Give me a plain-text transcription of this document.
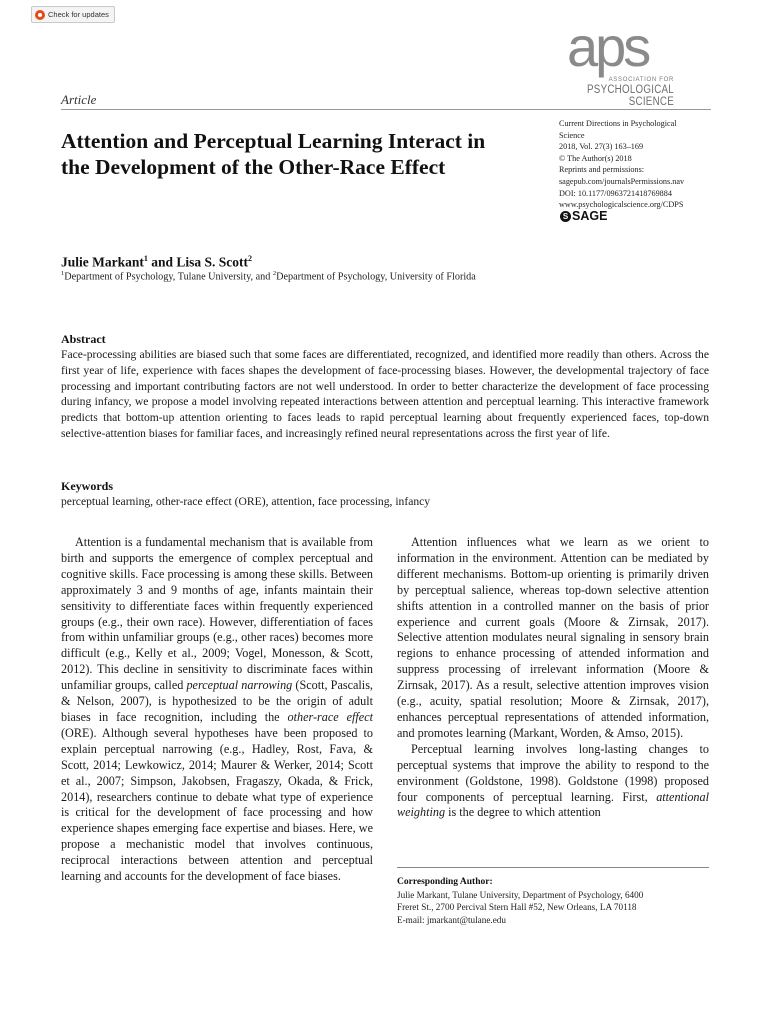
Check for updates
aps
ASSOCIATION FOR
PSYCHOLOGICAL SCIENCE
Article
Attention and Perceptual Learning Interact in the Development of the Other-Race Effect
Current Directions in Psychological
Science
2018, Vol. 27(3) 163–169
© The Author(s) 2018
Reprints and permissions:
sagepub.com/journalsPermissions.nav
DOI: 10.1177/0963721418769884
www.psychologicalscience.org/CDPS
S SAGE
Julie Markant$^1$ and Lisa S. Scott$^2$
$^1$Department of Psychology, Tulane University, and $^2$Department of Psychology, University of Florida
Abstract
Face-processing abilities are biased such that some faces are differentiated, recognized, and identified more readily than others. Across the first year of life, experience with faces shapes the development of face-processing biases. However, the developmental trajectory of face processing and important contributing factors are not well understood. In order to better characterize the development of face processing during infancy, we propose a model involving repeated interactions between attention and perceptual learning. This interactive framework predicts that bottom-up attention orienting to faces leads to rapid perceptual learning about frequently experienced faces, top-down selective-attention biases for familiar faces, and increasingly refined neural representations across the first year of life.
Keywords
perceptual learning, other-race effect (ORE), attention, face processing, infancy

Attention is a fundamental mechanism that is available from birth and supports the emergence of complex perceptual and cognitive skills. Face processing is among these skills. Between approximately 3 and 9 months of age, infants maintain their sensitivity to differentiate faces within frequently experienced groups (e.g., their own race). However, differentiation of faces from within unfamiliar groups (e.g., other races) becomes more difficult (e.g., Kelly et al., 2009; Vogel, Monesson, & Scott, 2012). This decline in sensitivity to discriminate faces within unfamiliar groups, called perceptual narrowing (Scott, Pascalis, & Nelson, 2007), is hypothesized to be the origin of adult biases in face recognition, including the other-race effect (ORE). Although several hypotheses have been proposed to explain perceptual narrowing (e.g., Hadley, Rost, Fava, & Scott, 2014; Lewkowicz, 2014; Maurer & Werker, 2014; Scott et al., 2007; Simpson, Jakobsen, Fragaszy, Okada, & Frick, 2014), researchers continue to debate what type of experience is critical for the development of face processing and how experience shapes emerging face expertise and biases. Here, we propose a mechanistic model that involves continuous, reciprocal interactions between attention and perceptual learning and accounts for the development of face biases.

Attention influences what we learn as we orient to information in the environment. Attention can be mediated by different mechanisms. Bottom-up orienting is primarily driven by perceptual salience, whereas top-down selective attention shifts attention in a controlled manner on the basis of prior experience and current goals (Moore & Zirnsak, 2017). Selective attention modulates neural signaling in sensory brain regions to enhance processing of attended information and suppress processing of irrelevant information (Moore & Zirnsak, 2017). As a result, selective attention improves vision (e.g., acuity, spatial resolution; Moore & Zirnsak, 2017), enhances perceptual representations of attended information, and promotes learning (Markant, Worden, & Amso, 2015).

Perceptual learning involves long-lasting changes to perceptual systems that improve the ability to respond to the environment (Goldstone, 1998). Goldstone (1998) proposed four components of perceptual learning. First, attentional weighting is the degree to which attention

Corresponding Author:
Julie Markant, Tulane University, Department of Psychology, 6400
Freret St., 2700 Percival Stern Hall #52, New Orleans, LA 70118
E-mail: jmarkant@tulane.edu
